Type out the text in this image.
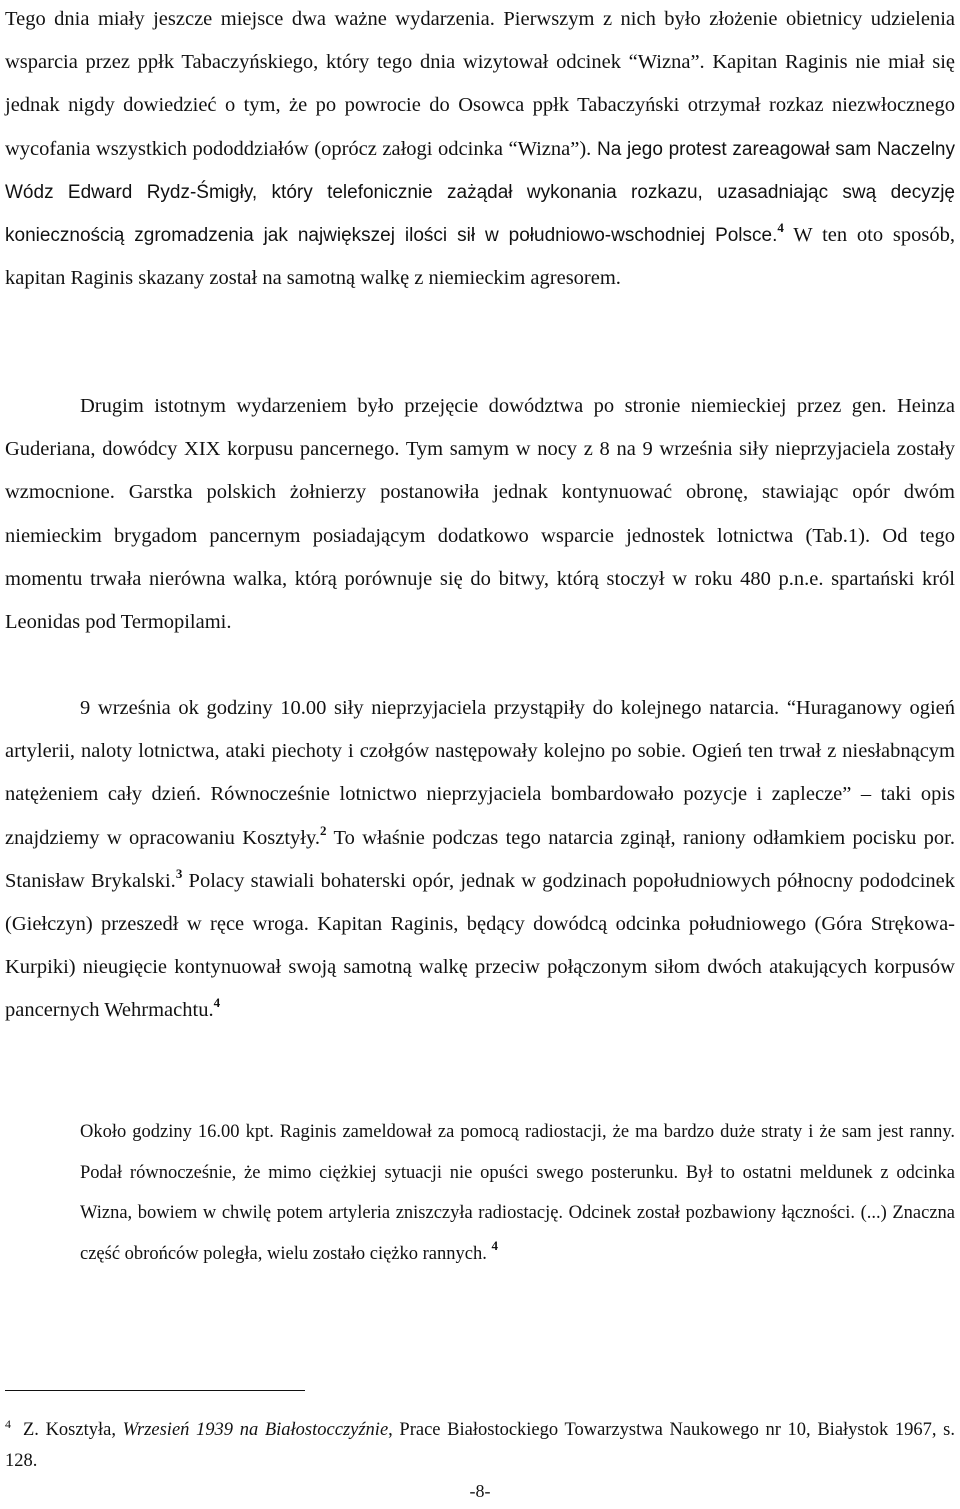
Tego dnia miały jeszcze miejsce dwa ważne wydarzenia. Pierwszym z nich było złożenie obietnicy udzielenia wsparcia przez ppłk Tabaczyńskiego, który tego dnia wizytował odcinek “Wizna”. Kapitan Raginis nie miał się jednak nigdy dowiedzieć o tym, że po powrocie do Osowca ppłk Tabaczyński otrzymał rozkaz niezwłocznego wycofania wszystkich pododdziałów (oprócz załogi odcinka “Wizna”). Na jego protest zareagował sam Naczelny Wódz Edward Rydz-Śmigły, który telefonicznie zażądał wykonania rozkazu, uzasadniając swą decyzję koniecznością zgromadzenia jak największej ilości sił w południowo-wschodniej Polsce.$^4$ W ten oto sposób, kapitan Raginis skazany został na samotną walkę z niemieckim agresorem.

Drugim istotnym wydarzeniem było przejęcie dowództwa po stronie niemieckiej przez gen. Heinza Guderiana, dowódcy XIX korpusu pancernego. Tym samym w nocy z 8 na 9 września siły nieprzyjaciela zostały wzmocnione. Garstka polskich żołnierzy postanowiła jednak kontynuować obronę, stawiając opór dwóm niemieckim brygadom pancernym posiadającym dodatkowo wsparcie jednostek lotnictwa (Tab.1). Od tego momentu trwała nierówna walka, którą porównuje się do bitwy, którą stoczył w roku 480 p.n.e. spartański król Leonidas pod Termopilami.

9 września ok godziny 10.00 siły nieprzyjaciela przystąpiły do kolejnego natarcia. “Huraganowy ogień artylerii, naloty lotnictwa, ataki piechoty i czołgów następowały kolejno po sobie. Ogień ten trwał z niesłabnącym natężeniem cały dzień. Równocześnie lotnictwo nieprzyjaciela bombardowało pozycje i zaplecze” – taki opis znajdziemy w opracowaniu Kosztyły.$^2$ To właśnie podczas tego natarcia zginął, raniony odłamkiem pocisku por. Stanisław Brykalski.$^3$ Polacy stawiali bohaterski opór, jednak w godzinach popołudniowych północny pododcinek (Giełczyn) przeszedł w ręce wroga. Kapitan Raginis, będący dowódcą odcinka południowego (Góra Strękowa-Kurpiki) nieugięcie kontynuował swoją samotną walkę przeciw połączonym siłom dwóch atakujących korpusów pancernych Wehrmachtu.$^4$

Około godziny 16.00 kpt. Raginis zameldował za pomocą radiostacji, że ma bardzo duże straty i że sam jest ranny. Podał równocześnie, że mimo ciężkiej sytuacji nie opuści swego posterunku. Był to ostatni meldunek z odcinka Wizna, bowiem w chwilę potem artyleria zniszczyła radiostację. Odcinek został pozbawiony łączności. (...) Znaczna część obrońców poległa, wielu zostało ciężko rannych. $^4$

$^4$ Z. Kosztyła, Wrzesień 1939 na Białostocczyźnie, Prace Białostockiego Towarzystwa Naukowego nr 10, Białystok 1967, s. 128.

-8-
